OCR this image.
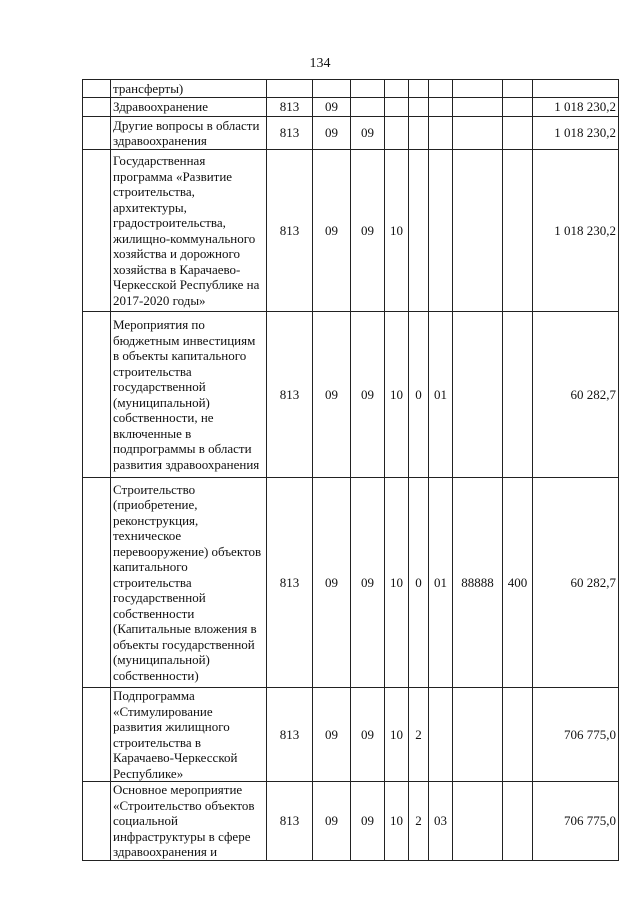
134
	трансферты)									
	Здравоохранение	813	09							1 018 230,2
	Другие вопросы в области здравоохранения	813	09	09						1 018 230,2
	Государственная программа «Развитие строительства, архитектуры, градостроительства, жилищно-коммунального хозяйства и дорожного хозяйства в Карачаево-Черкесской Республике на 2017-2020 годы»	813	09	09	10					1 018 230,2
	Мероприятия по бюджетным инвестициям в объекты капитального строительства государственной (муниципальной) собственности, не включенные в подпрограммы в области развития здравоохранения	813	09	09	10	0	01			60 282,7
	Строительство (приобретение, реконструкция, техническое перевооружение) объектов капитального строительства государственной собственности (Капитальные вложения в объекты государственной (муниципальной) собственности)	813	09	09	10	0	01	88888	400	60 282,7
	Подпрограмма «Стимулирование развития жилищного строительства в Карачаево-Черкесской Республике»	813	09	09	10	2				706 775,0
	Основное мероприятие «Строительство объектов социальной инфраструктуры в сфере здравоохранения и	813	09	09	10	2	03			706 775,0
